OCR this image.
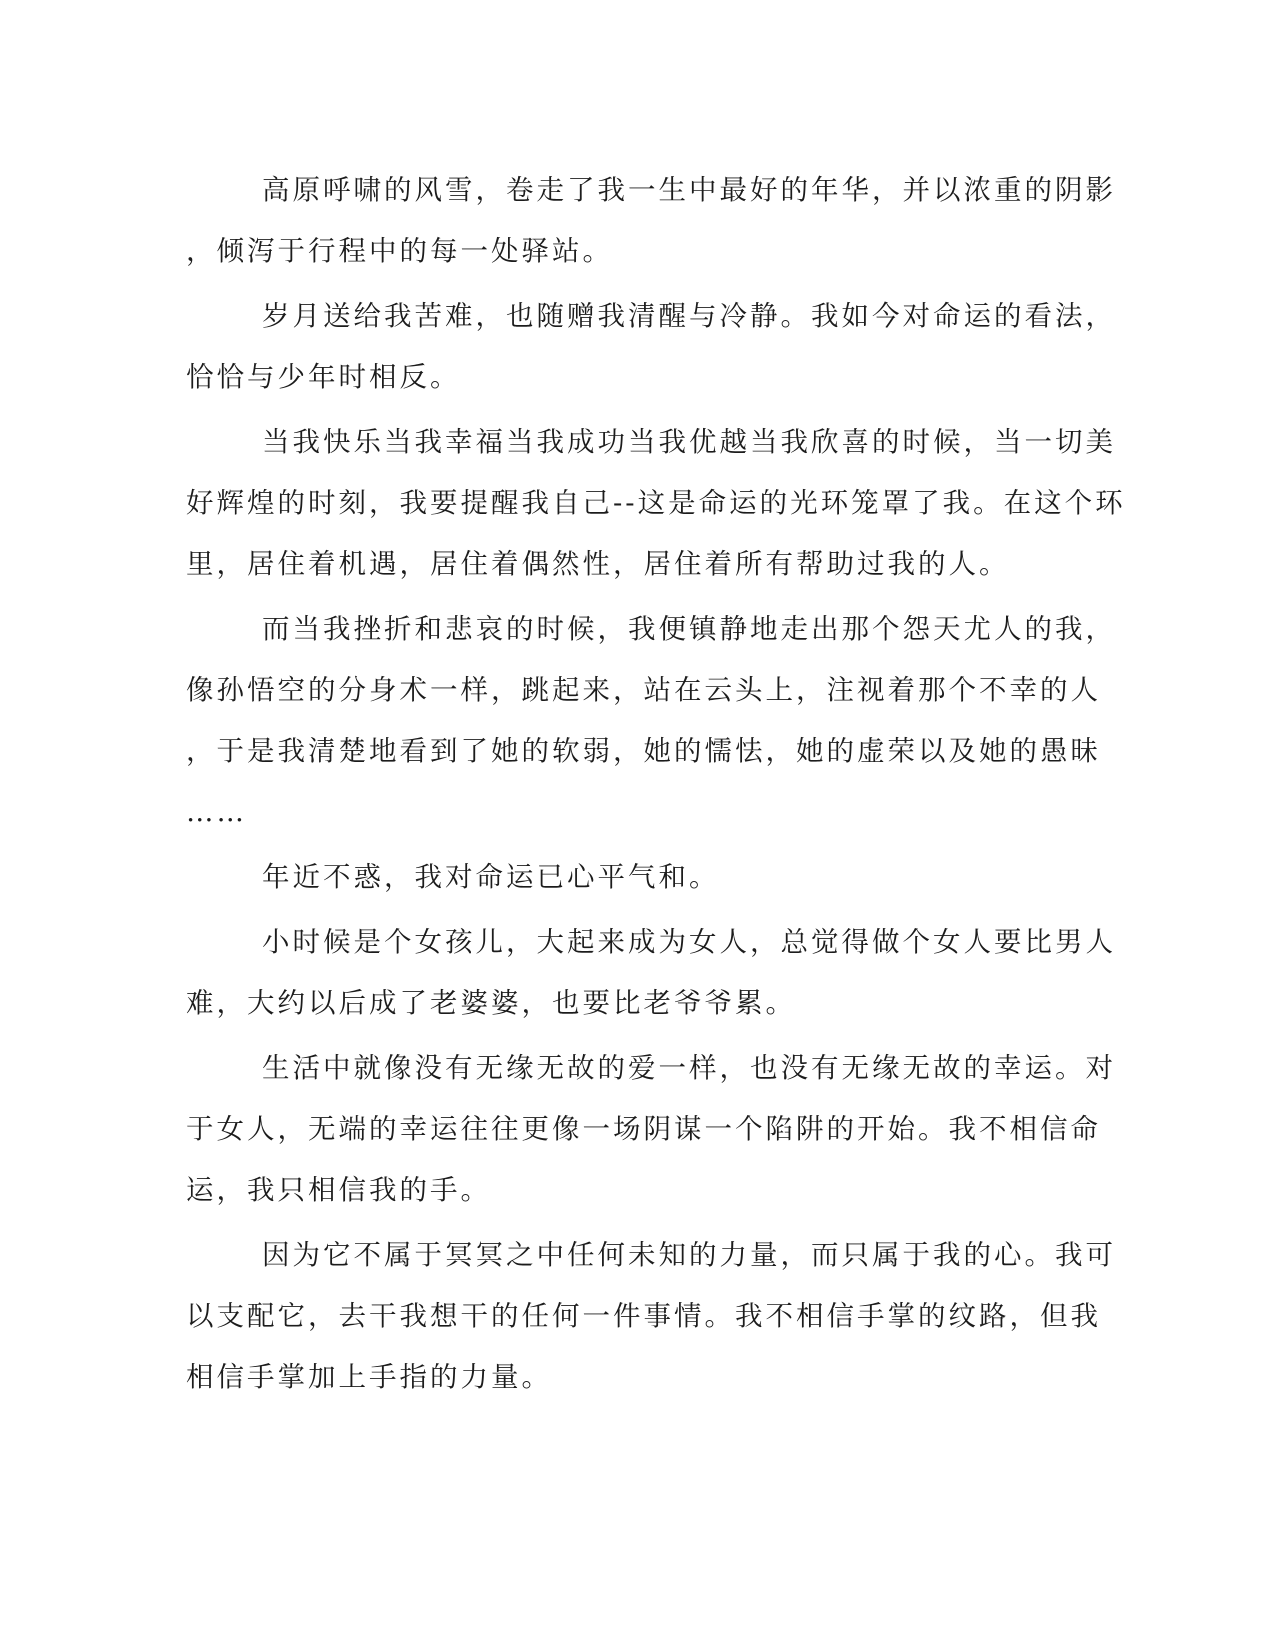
高原呼啸的风雪，卷走了我一生中最好的年华，并以浓重的阴影
，倾泻于行程中的每一处驿站。

岁月送给我苦难，也随赠我清醒与冷静。我如今对命运的看法，
恰恰与少年时相反。

当我快乐当我幸福当我成功当我优越当我欣喜的时候，当一切美
好辉煌的时刻，我要提醒我自己--这是命运的光环笼罩了我。在这个环
里，居住着机遇，居住着偶然性，居住着所有帮助过我的人。

而当我挫折和悲哀的时候，我便镇静地走出那个怨天尤人的我，
像孙悟空的分身术一样，跳起来，站在云头上，注视着那个不幸的人
，于是我清楚地看到了她的软弱，她的懦怯，她的虚荣以及她的愚昧
……

年近不惑，我对命运已心平气和。

小时候是个女孩儿，大起来成为女人，总觉得做个女人要比男人
难，大约以后成了老婆婆，也要比老爷爷累。

生活中就像没有无缘无故的爱一样，也没有无缘无故的幸运。对
于女人，无端的幸运往往更像一场阴谋一个陷阱的开始。我不相信命
运，我只相信我的手。

因为它不属于冥冥之中任何未知的力量，而只属于我的心。我可
以支配它，去干我想干的任何一件事情。我不相信手掌的纹路，但我
相信手掌加上手指的力量。
